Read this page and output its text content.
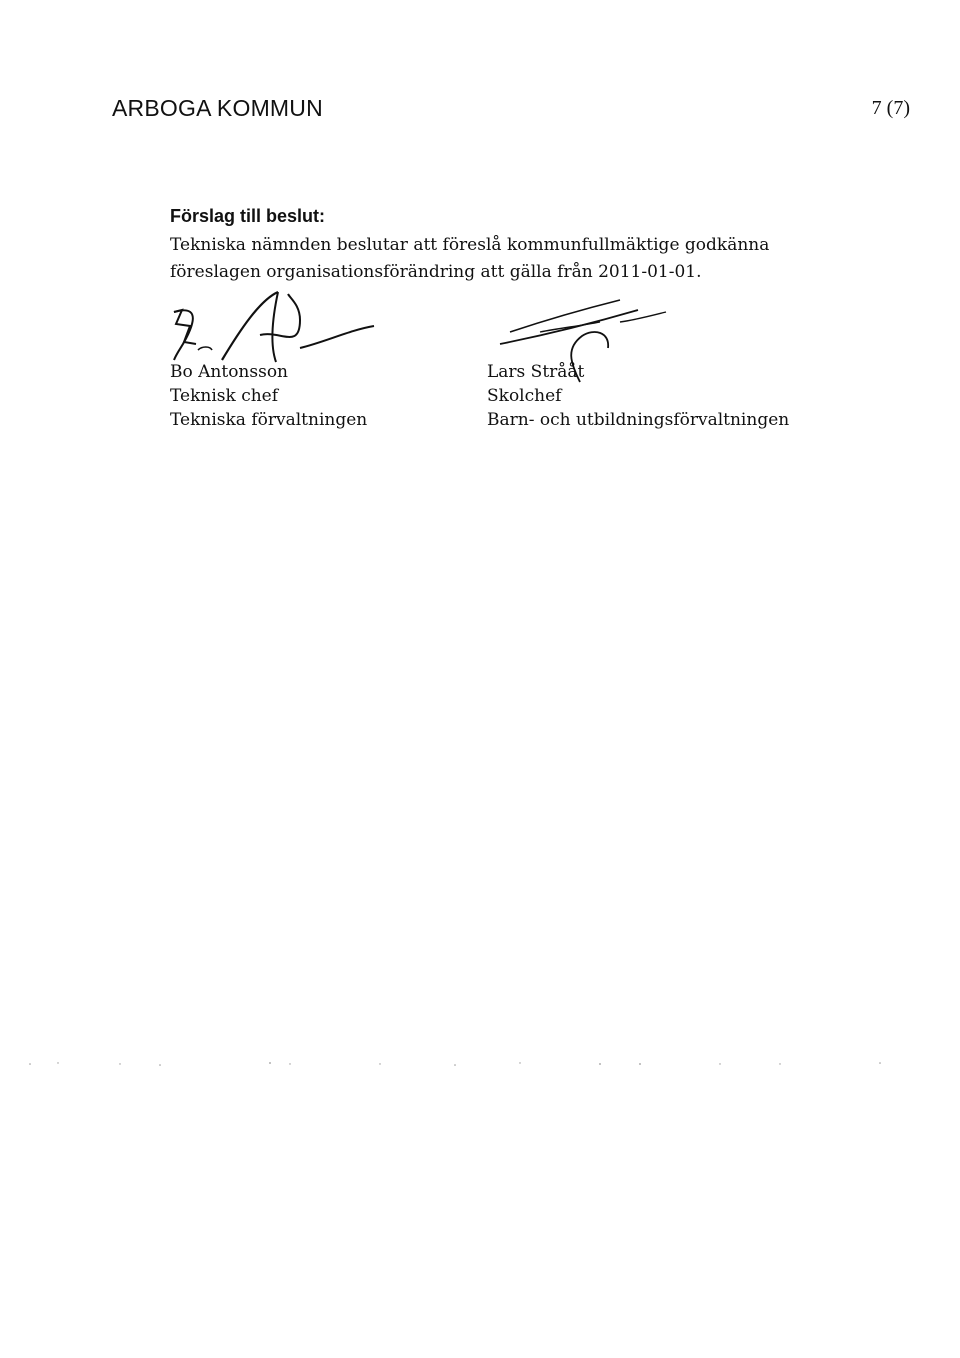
ARBOGA KOMMUN	7 (7)
Förslag till beslut:
Tekniska nämnden beslutar att föreslå kommunfullmäktige godkänna
föreslagen organisationsförändring att gälla från 2011-01-01.
Bo Antonsson
Teknisk chef
Tekniska förvaltningen
Lars Strååt
Skolchef
Barn- och utbildningsförvaltningen
